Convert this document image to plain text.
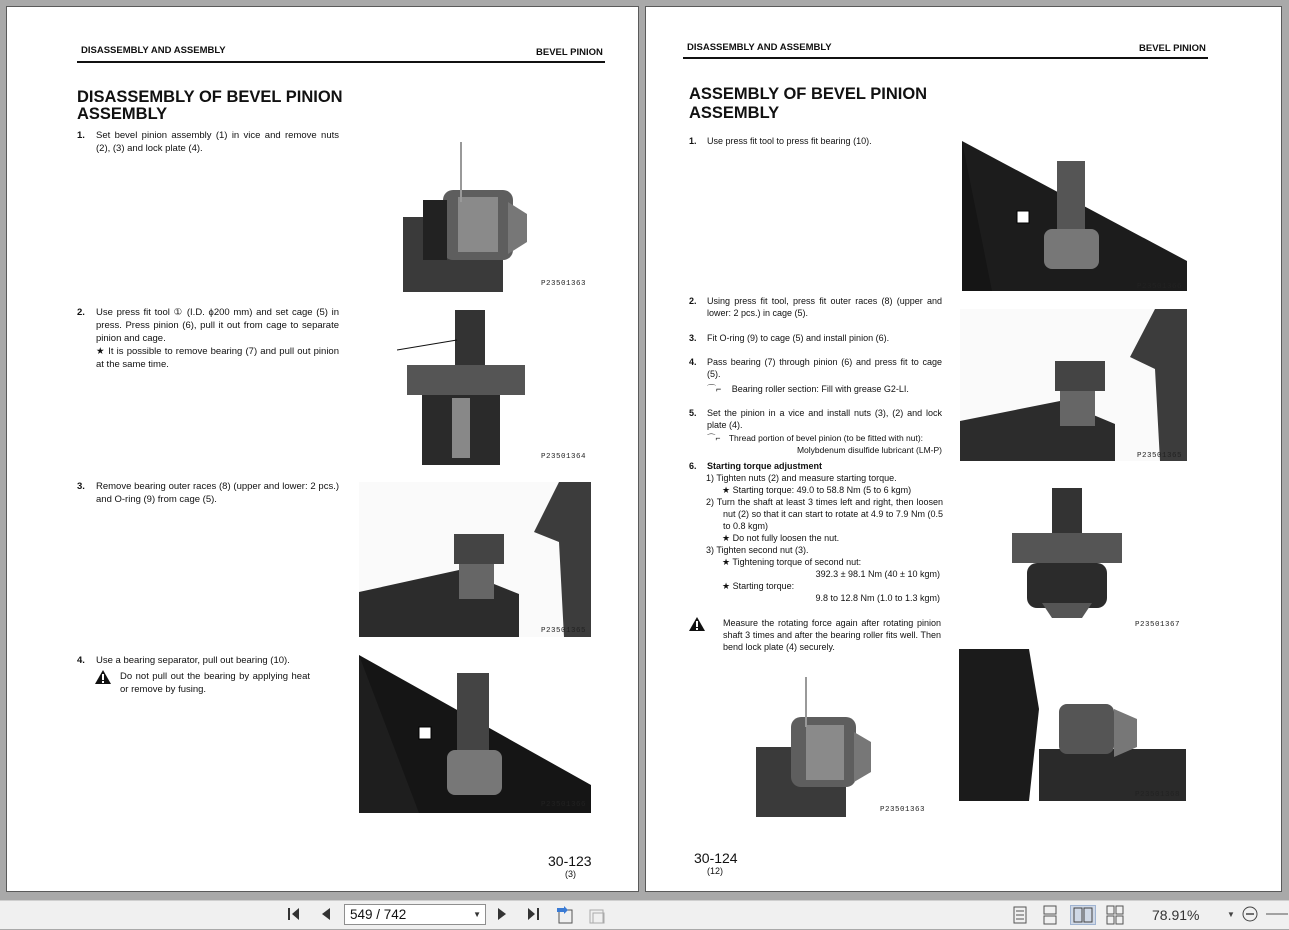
DISASSEMBLY AND ASSEMBLY	BEVEL PINION
DISASSEMBLY OF BEVEL PINION
ASSEMBLY
1. Set bevel pinion assembly (1) in vice and remove nuts (2), (3) and lock plate (4).
2. Use press fit tool ① (I.D. ϕ200 mm) and set cage (5) in press. Press pinion (6), pull it out from cage to separate pinion and cage.
★ It is possible to remove bearing (7) and pull out pinion at the same time.
3. Remove bearing outer races (8) (upper and lower: 2 pcs.) and O-ring (9) from cage (5).
4. Use a bearing separator, pull out bearing (10).
Do not pull out the bearing by applying heat or remove by fusing.
P23501363
P23501364
P23501365
P23501366
30-123
(3)
DISASSEMBLY AND ASSEMBLY	BEVEL PINION
ASSEMBLY OF BEVEL PINION
ASSEMBLY
1. Use press fit tool to press fit bearing (10).
2. Using press fit tool, press fit outer races (8) (upper and lower: 2 pcs.) in cage (5).
3. Fit O-ring (9) to cage (5) and install pinion (6).
4. Pass bearing (7) through pinion (6) and press fit to cage (5).
⌒⌐ Bearing roller section: Fill with grease G2-LI.
5. Set the pinion in a vice and install nuts (3), (2) and lock plate (4).
⌒⌐ Thread portion of bevel pinion (to be fitted with nut):
Molybdenum disulfide lubricant (LM-P)
6. Starting torque adjustment
1) Tighten nuts (2) and measure starting torque.
★ Starting torque: 49.0 to 58.8 Nm (5 to 6 kgm)
2) Turn the shaft at least 3 times left and right, then loosen nut (2) so that it can start to rotate at 4.9 to 7.9 Nm (0.5 to 0.8 kgm)
★ Do not fully loosen the nut.
3) Tighten second nut (3).
★ Tightening torque of second nut:
392.3 ± 98.1 Nm (40 ± 10 kgm)
★ Starting torque:
9.8 to 12.8 Nm (1.0 to 1.3 kgm)
Measure the rotating force again after rotating pinion shaft 3 times and after the bearing roller fits well. Then bend lock plate (4) securely.
P23501366
P23501365
P23501367
P23501363
P23501368
30-124
(12)
549 / 742	▼	78.91%	▼
